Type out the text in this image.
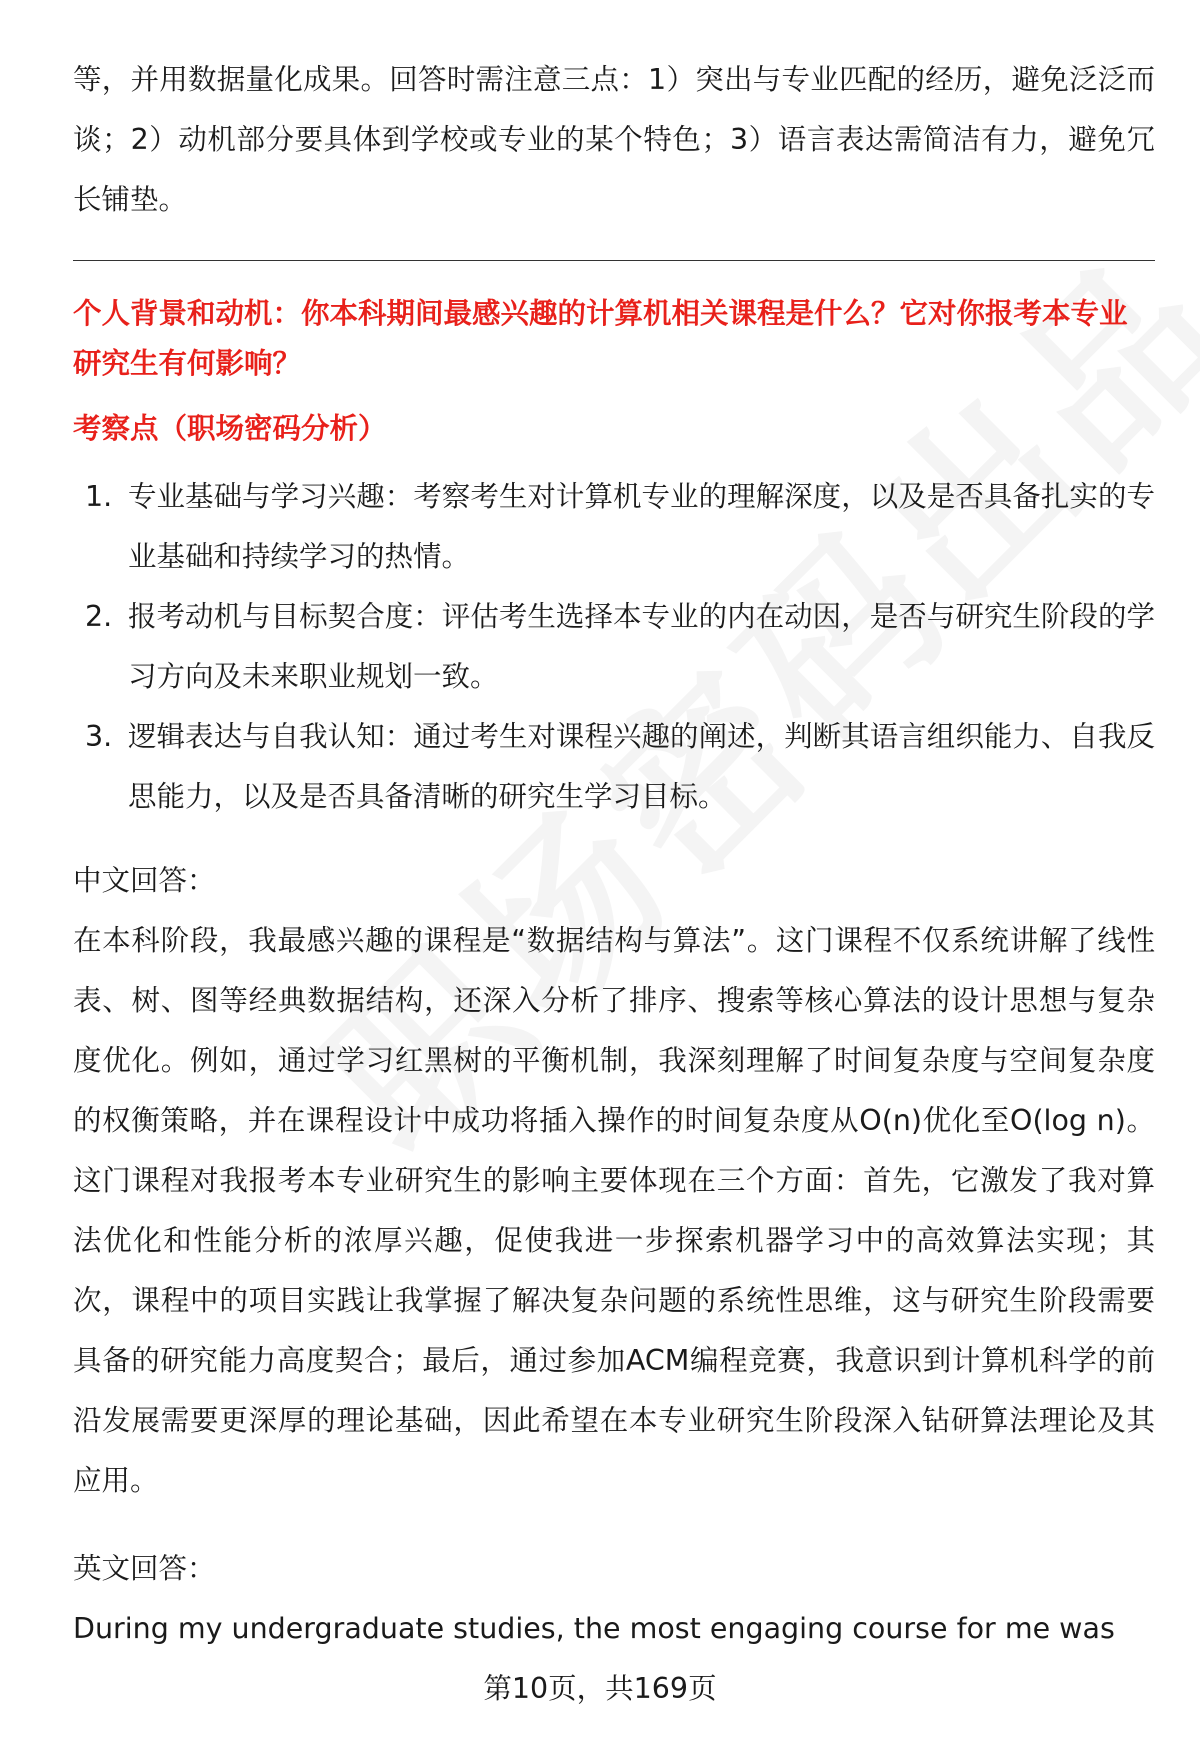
等，并用数据量化成果。回答时需注意三点：1）突出与专业匹配的经历，避免泛泛而谈；2）动机部分要具体到学校或专业的某个特色；3）语言表达需简洁有力，避免冗长铺垫。

个人背景和动机：你本科期间最感兴趣的计算机相关课程是什么？它对你报考本专业研究生有何影响？

考察点（职场密码分析）

1. 专业基础与学习兴趣：考察考生对计算机专业的理解深度，以及是否具备扎实的专业基础和持续学习的热情。
2. 报考动机与目标契合度：评估考生选择本专业的内在动因，是否与研究生阶段的学习方向及未来职业规划一致。
3. 逻辑表达与自我认知：通过考生对课程兴趣的阐述，判断其语言组织能力、自我反思能力，以及是否具备清晰的研究生学习目标。

中文回答：

在本科阶段，我最感兴趣的课程是“数据结构与算法”。这门课程不仅系统讲解了线性表、树、图等经典数据结构，还深入分析了排序、搜索等核心算法的设计思想与复杂度优化。例如，通过学习红黑树的平衡机制，我深刻理解了时间复杂度与空间复杂度的权衡策略，并在课程设计中成功将插入操作的时间复杂度从O(n)优化至O(log n)。这门课程对我报考本专业研究生的影响主要体现在三个方面：首先，它激发了我对算法优化和性能分析的浓厚兴趣，促使我进一步探索机器学习中的高效算法实现；其次，课程中的项目实践让我掌握了解决复杂问题的系统性思维，这与研究生阶段需要具备的研究能力高度契合；最后，通过参加ACM编程竞赛，我意识到计算机科学的前沿发展需要更深厚的理论基础，因此希望在本专业研究生阶段深入钻研算法理论及其应用。

英文回答：

During my undergraduate studies, the most engaging course for me was

第10页，共169页
